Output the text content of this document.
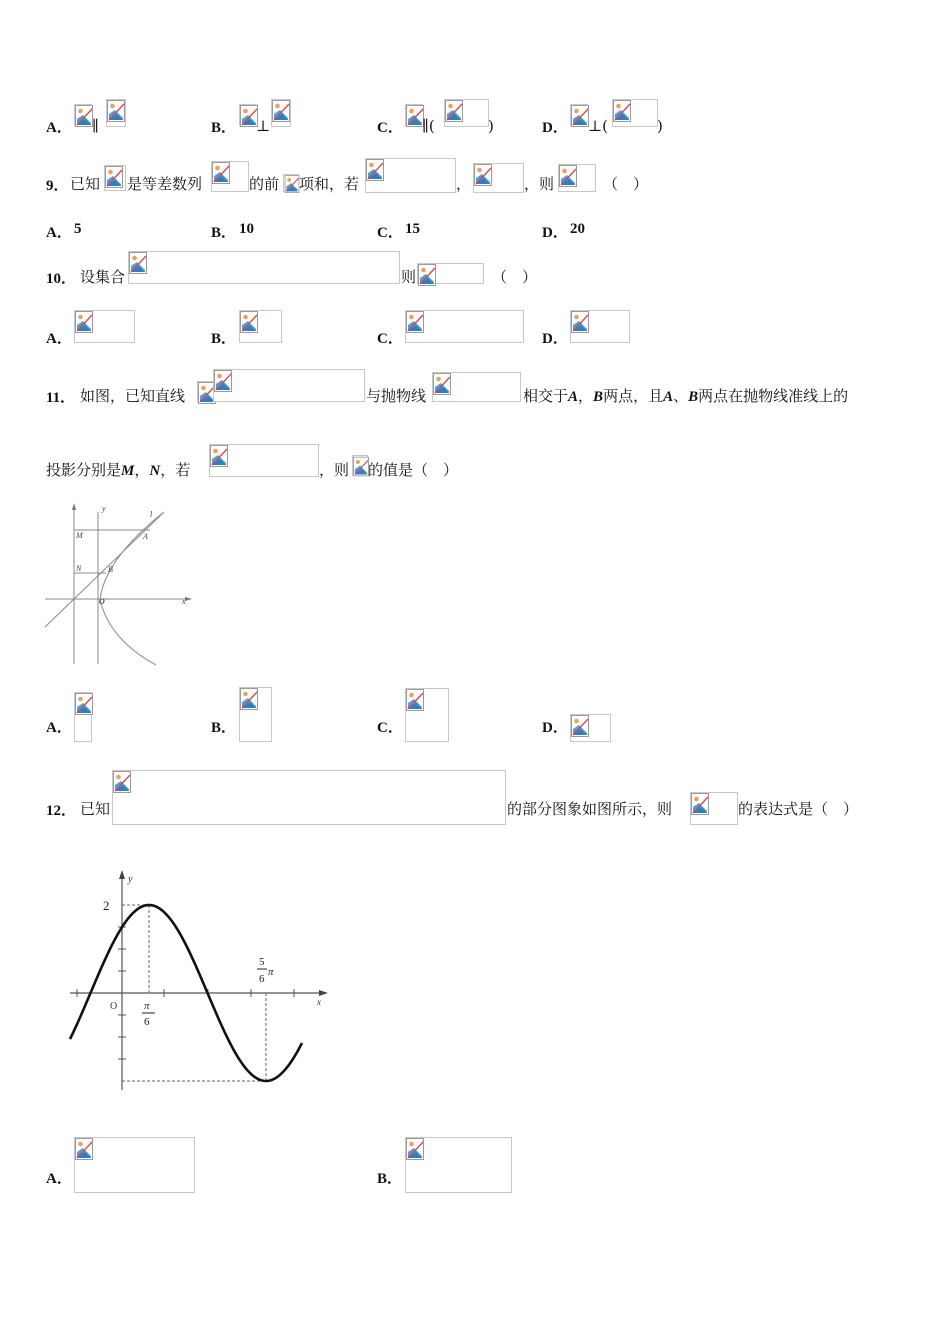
A． ∥	B． ⊥	C． ∥(	)	D． ⊥(	)
9． 已知 是等差数列	的前 项和，若	，	，则	（　）
A． 5	B． 10	C． 15	D． 20
10． 设集合	则	（　）
A．	B．	C．	D．
11． 如图，已知直线	与抛物线	相交于A，B两点，且A、B两点在抛物线准线上的
投影分别是M，N，若	，则 的值是（　）
y
x
l
M	A
N	B
O
A．	B．	C．	D．
12． 已知	的部分图象如图所示，则	的表达式是（　）
y
x
O
2
π
6
5
6
π
A．	B．
